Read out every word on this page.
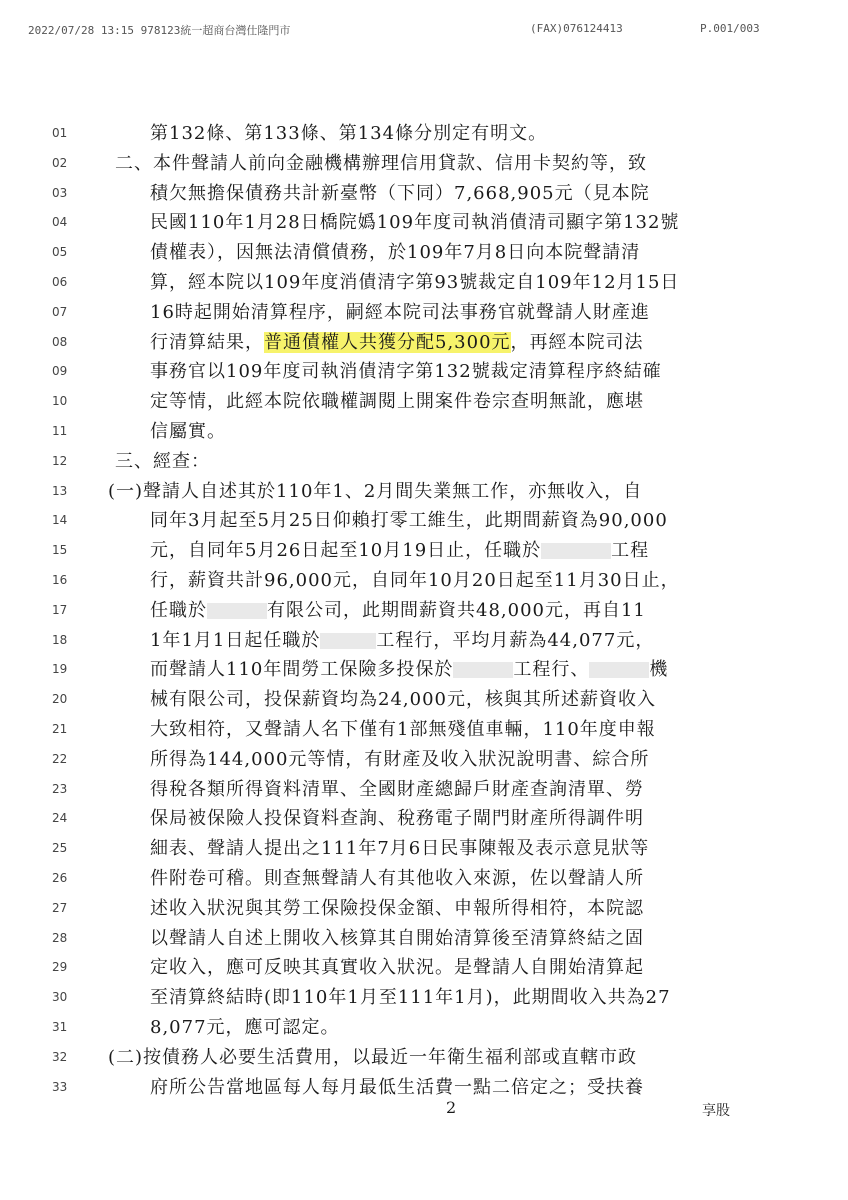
2022/07/28 13:15 978123統一超商台灣仕隆門市	(FAX)076124413	P.001/003
01	第132條、第133條、第134條分別定有明文。
02	二、本件聲請人前向金融機構辦理信用貸款、信用卡契約等，致
03	積欠無擔保債務共計新臺幣（下同）7,668,905元（見本院
04	民國110年1月28日橋院嬀109年度司執消債清司顯字第132號
05	債權表），因無法清償債務，於109年7月8日向本院聲請清
06	算，經本院以109年度消債清字第93號裁定自109年12月15日
07	16時起開始清算程序，嗣經本院司法事務官就聲請人財產進
08	行清算結果，普通債權人共獲分配5,300元，再經本院司法
09	事務官以109年度司執消債清字第132號裁定清算程序終結確
10	定等情，此經本院依職權調閱上開案件卷宗查明無訛，應堪
11	信屬實。
12	三、經查：
13	(一)聲請人自述其於110年1、2月間失業無工作，亦無收入，自
14	同年3月起至5月25日仰賴打零工維生，此期間薪資為90,000
15	元，自同年5月26日起至10月19日止，任職於	工程
16	行，薪資共計96,000元，自同年10月20日起至11月30日止，
17	任職於	有限公司，此期間薪資共48,000元，再自11
18	1年1月1日起任職於	工程行，平均月薪為44,077元，
19	而聲請人110年間勞工保險多投保於	工程行、	機
20	械有限公司，投保薪資均為24,000元，核與其所述薪資收入
21	大致相符，又聲請人名下僅有1部無殘值車輛，110年度申報
22	所得為144,000元等情，有財產及收入狀況說明書、綜合所
23	得稅各類所得資料清單、全國財產總歸戶財產查詢清單、勞
24	保局被保險人投保資料查詢、稅務電子閘門財產所得調件明
25	細表、聲請人提出之111年7月6日民事陳報及表示意見狀等
26	件附卷可稽。則查無聲請人有其他收入來源，佐以聲請人所
27	述收入狀況與其勞工保險投保金額、申報所得相符，本院認
28	以聲請人自述上開收入核算其自開始清算後至清算終結之固
29	定收入，應可反映其真實收入狀況。是聲請人自開始清算起
30	至清算終結時(即110年1月至111年1月)，此期間收入共為27
31	8,077元，應可認定。
32	(二)按債務人必要生活費用，以最近一年衛生福利部或直轄市政
33	府所公告當地區每人每月最低生活費一點二倍定之；受扶養
2	享股
